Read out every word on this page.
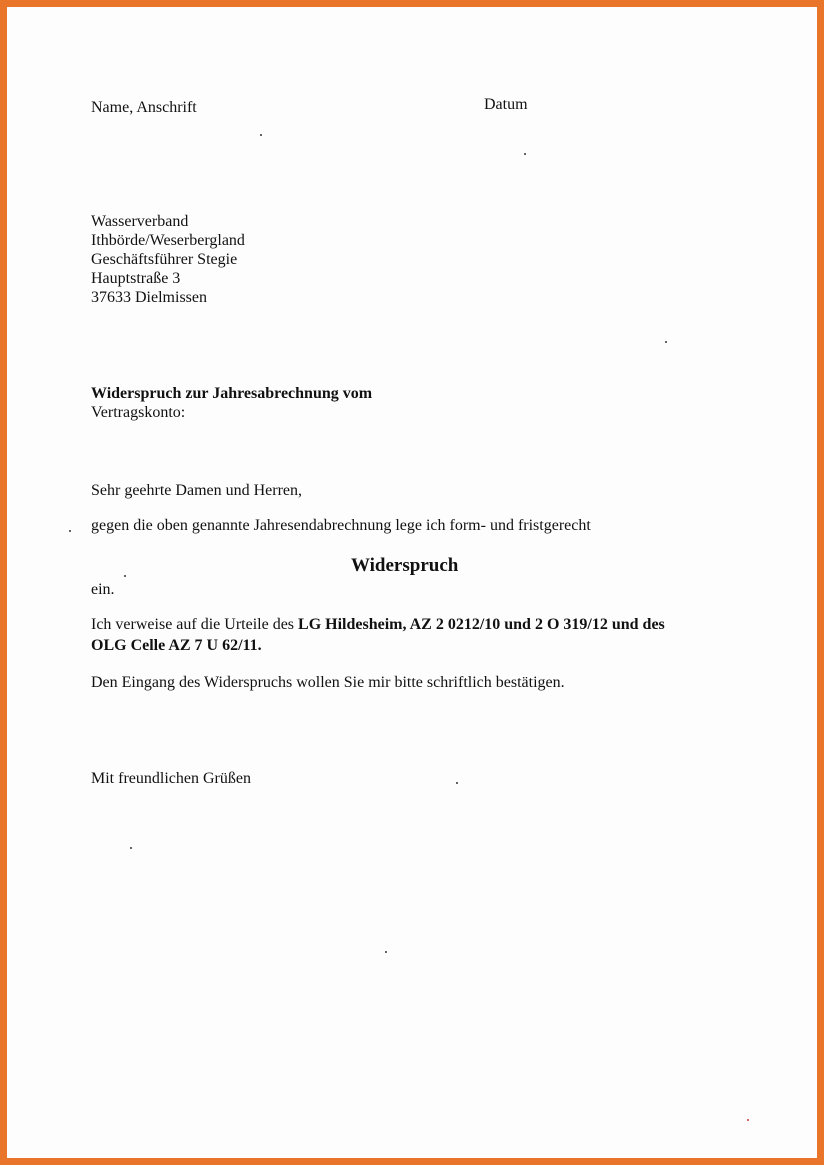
Name, Anschrift	Datum
Wasserverband
Ithbörde/Weserbergland
Geschäftsführer Stegie
Hauptstraße 3
37633 Dielmissen
Widerspruch zur Jahresabrechnung vom
Vertragskonto:
Sehr geehrte Damen und Herren,
gegen die oben genannte Jahresendabrechnung lege ich form- und fristgerecht
Widerspruch
ein.
Ich verweise auf die Urteile des LG Hildesheim, AZ 2 0212/10 und 2 O 319/12 und des
OLG Celle AZ 7 U 62/11.
Den Eingang des Widerspruchs wollen Sie mir bitte schriftlich bestätigen.
Mit freundlichen Grüßen
